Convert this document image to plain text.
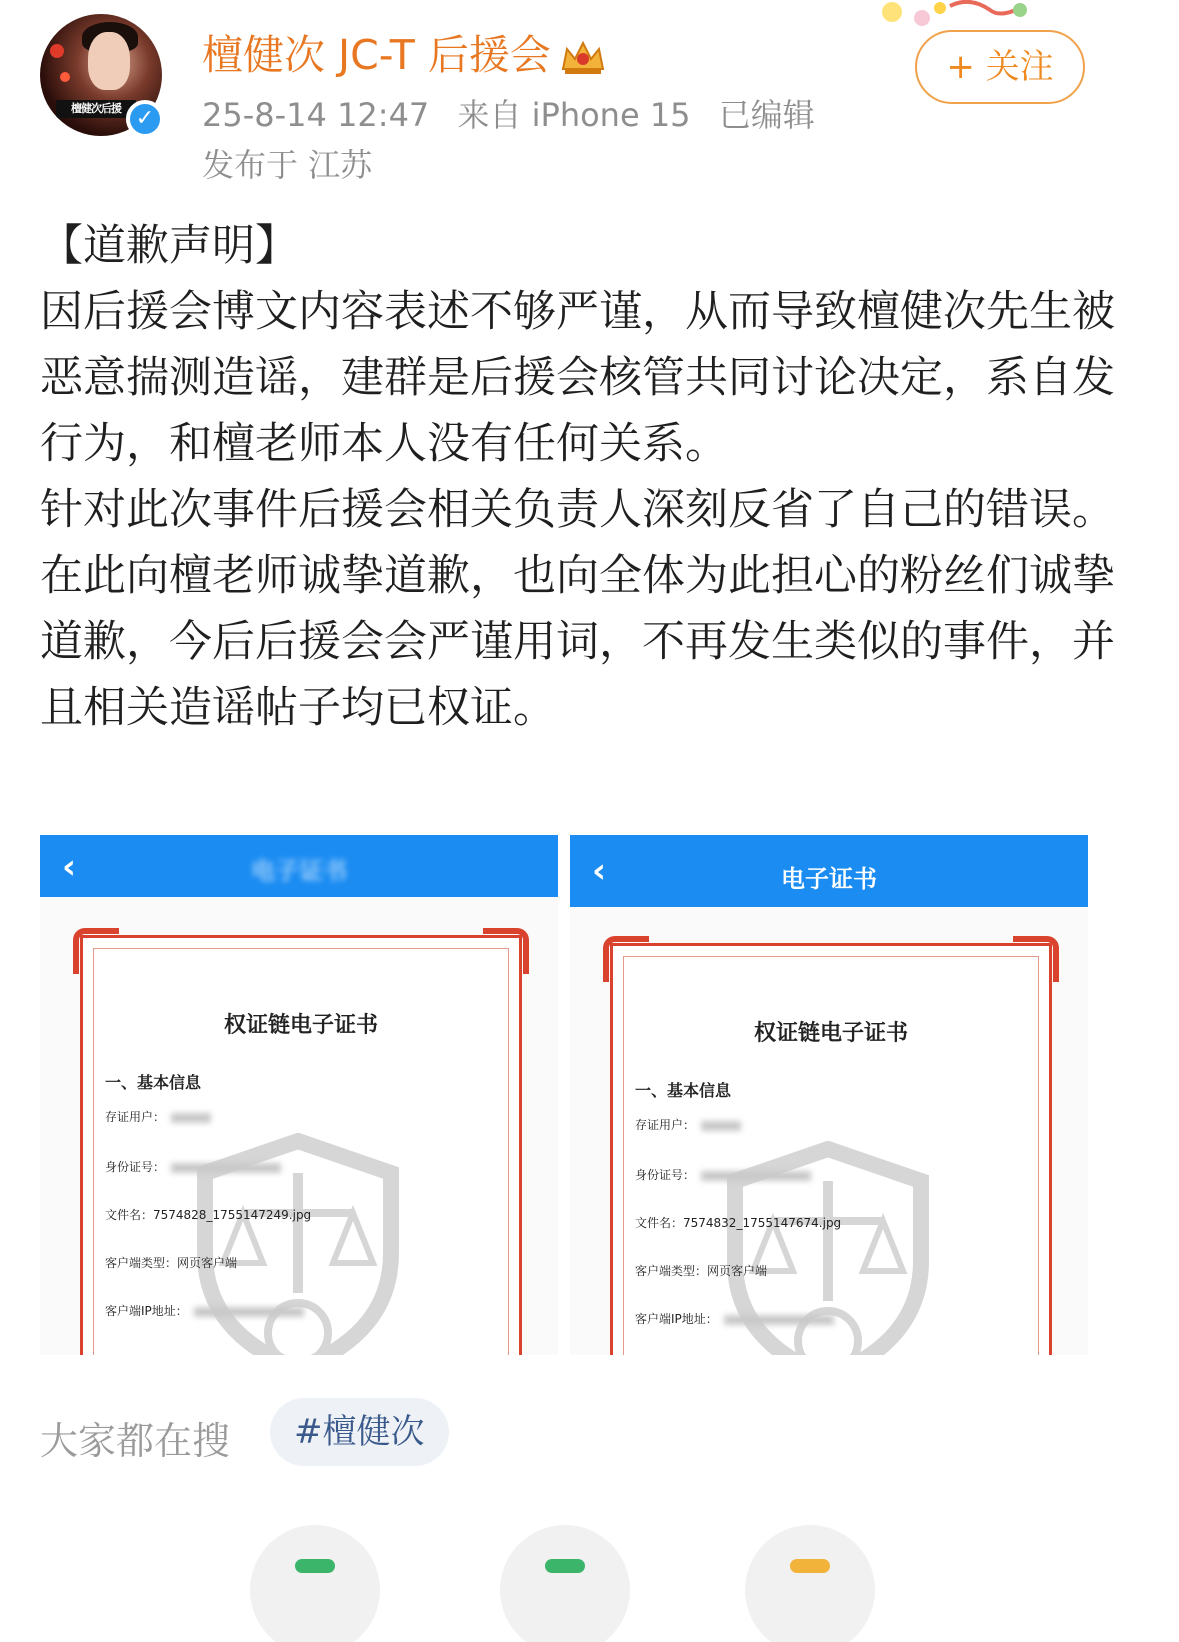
檀健次后援 ✓
檀健次 JC-T 后援会
25-8-14 12:47 来自 iPhone 15 已编辑
发布于 江苏
+ 关注

【道歉声明】

因后援会博文内容表述不够严谨，从而导致檀健次先生被恶意揣测造谣，建群是后援会核管共同讨论决定，系自发行为，和檀老师本人没有任何关系。

针对此次事件后援会相关负责人深刻反省了自己的错误。

在此向檀老师诚挚道歉，也向全体为此担心的粉丝们诚挚道歉，今后后援会会严谨用词，不再发生类似的事件，并且相关造谣帖子均已权证。

‹	电子证书
权证链电子证书
一、基本信息
存证用户：
身份证号：
文件名：7574828_1755147249.jpg
客户端类型：网页客户端
客户端IP地址：
‹	电子证书
权证链电子证书
一、基本信息
存证用户：
身份证号：
文件名：7574832_1755147674.jpg
客户端类型：网页客户端
客户端IP地址：
大家都在搜	#檀健次
